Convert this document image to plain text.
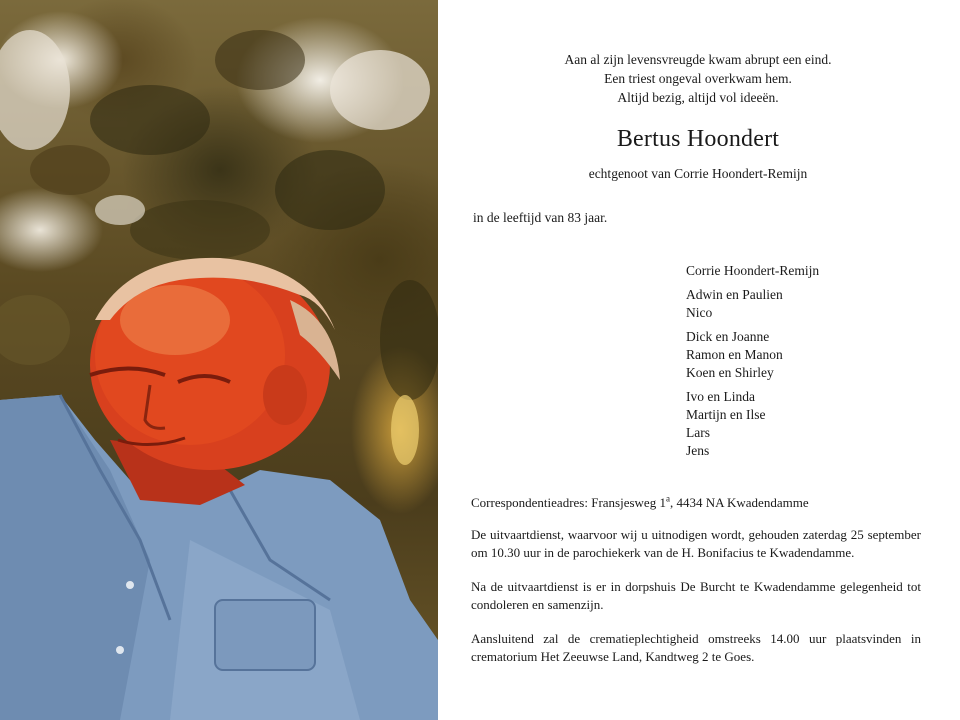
Aan al zijn levensvreugde kwam abrupt een eind.
Een triest ongeval overkwam hem.
Altijd bezig, altijd vol ideeën.
Bertus Hoondert
echtgenoot van Corrie Hoondert-Remijn
in de leeftijd van 83 jaar.
Corrie Hoondert-Remijn
Adwin en Paulien
Nico
Dick en Joanne
Ramon en Manon
Koen en Shirley
Ivo en Linda
Martijn en Ilse
Lars
Jens

Correspondentieadres: Fransjesweg 1$^a$, 4434 NA Kwadendamme

De uitvaartdienst, waarvoor wij u uitnodigen wordt, gehouden zaterdag 25 september om 10.30 uur in de parochiekerk van de H. Bonifacius te Kwadendamme.

Na de uitvaartdienst is er in dorpshuis De Burcht te Kwadendamme gelegenheid tot condoleren en samenzijn.

Aansluitend zal de crematieplechtigheid omstreeks 14.00 uur plaatsvinden in crematorium Het Zeeuwse Land, Kandtweg 2 te Goes.
